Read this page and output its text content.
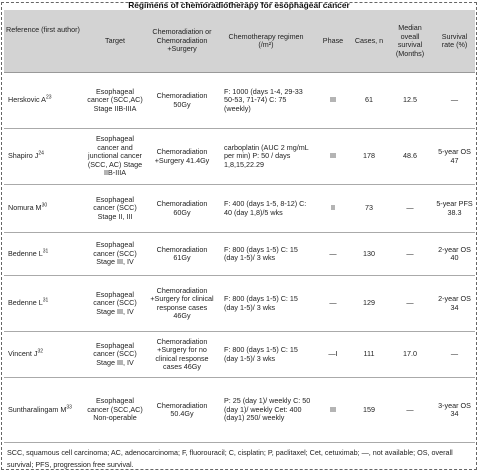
Regimens of chemoradiotherapy for esophageal cancer
Reference (first author)	Target	Chemoradiation or Chemoradiation +Surgery	Chemotherapy regimen (/m²)	Phase	Cases, n	Median oveall survival (Months)	Survival rate (%)
Herskovic $A^{23}$	Esophageal cancer (SCC,AC) Stage IIB-IIIA	Chemoradiation 50Gy	F: 1000 (days 1-4, 29-33 50-53, 71-74) C: 75 (weekly)	III	61	12.5	—
Shapiro $J^{24}$	Esophageal cancer and junctional cancer (SCC, AC) Stage IIB-IIIA	Chemoradiation +Surgery 41.4Gy	carboplatin (AUC 2 mg/mL per min) P: 50 / days 1,8,15,22.29	III	178	48.6	5-year OS 47
Nomura $M^{30}$	Esophageal cancer (SCC) Stage II, III	Chemoradiation 60Gy	F: 400 (days 1-5, 8-12) C: 40 (day 1,8)/5 wks	II	73	—	5-year PFS 38.3
Bedenne $L^{31}$	Esophageal cancer (SCC) Stage III, IV	Chemoradiation 61Gy	F: 800 (days 1-5) C: 15 (day 1-5)/ 3 wks	—	130	—	2-year OS 40
Bedenne $L^{31}$	Esophageal cancer (SCC) Stage III, IV	Chemoradiation +Surgery for clinical response cases 46Gy	F: 800 (days 1-5) C: 15 (day 1-5)/ 3 wks	—	129	—	2-year OS 34
Vincent $J^{32}$	Esophageal cancer (SCC) Stage III, IV	Chemoradiation +Surgery for no clinical response cases 46Gy	F: 800 (days 1-5) C: 15 (day 1-5)/ 3 wks	—I	111	17.0	—
Suntharalingam $M^{33}$	Esophageal cancer (SCC,AC) Non-operable	Chemoradiation 50.4Gy	P: 25 (day 1)/ weekly C: 50 (day 1)/ weekly Cet: 400 (day1) 250/ weekly	III	159	—	3-year OS 34
SCC, squamous cell carcinoma; AC, adenocarcinoma; F, fluorouracil; C, cisplatin; P, paclitaxel; Cet, cetuximab; —, not available; OS, overall survival; PFS, progression free survival.							
